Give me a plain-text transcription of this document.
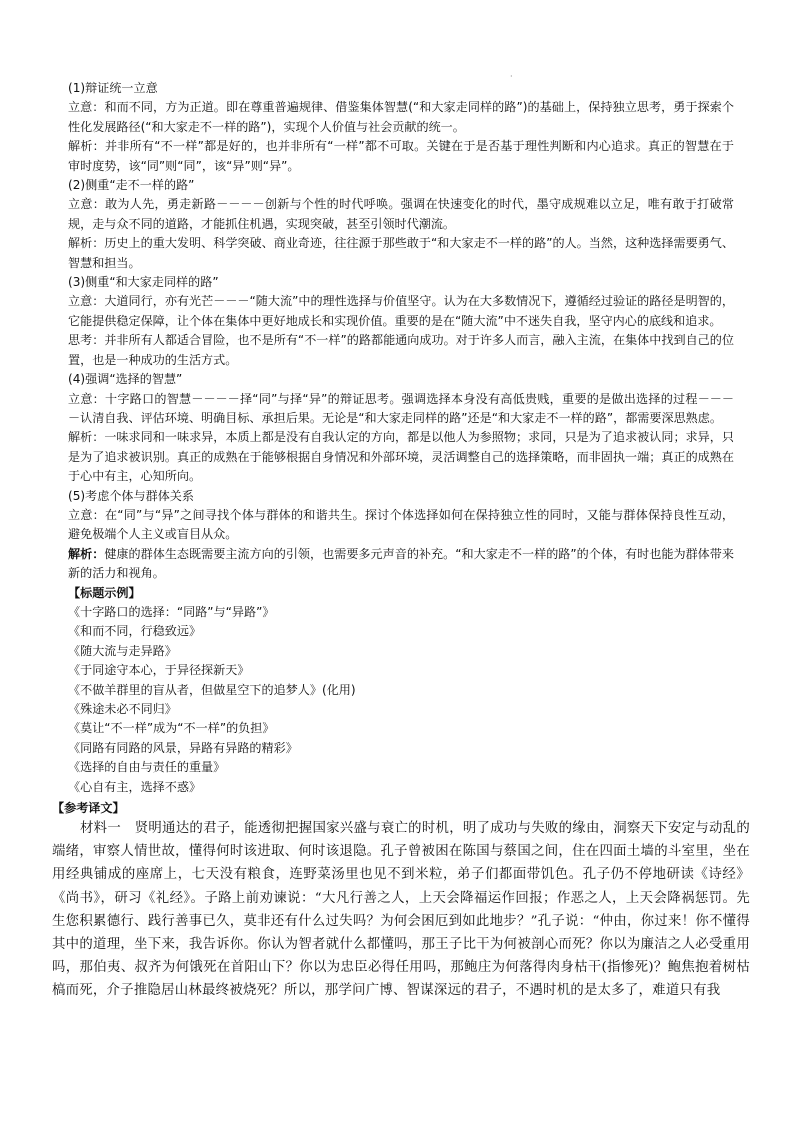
·

(1)辩证统一立意

立意：和而不同，方为正道。即在尊重普遍规律、借鉴集体智慧(“和大家走同样的路”)的基础上，保持独立思考，勇于探索个性化发展路径(“和大家走不一样的路”)，实现个人价值与社会贡献的统一。

解析：并非所有“不一样”都是好的，也并非所有“一样”都不可取。关键在于是否基于理性判断和内心追求。真正的智慧在于审时度势，该“同”则“同”，该“异”则“异”。

(2)侧重“走不一样的路”

立意：敢为人先，勇走新路－－－－创新与个性的时代呼唤。强调在快速变化的时代，墨守成规难以立足，唯有敢于打破常规，走与众不同的道路，才能抓住机遇，实现突破，甚至引领时代潮流。

解析：历史上的重大发明、科学突破、商业奇迹，往往源于那些敢于“和大家走不一样的路”的人。当然，这种选择需要勇气、智慧和担当。

(3)侧重“和大家走同样的路”

立意：大道同行，亦有光芒－－－“随大流”中的理性选择与价值坚守。认为在大多数情况下，遵循经过验证的路径是明智的，它能提供稳定保障，让个体在集体中更好地成长和实现价值。重要的是在“随大流”中不迷失自我，坚守内心的底线和追求。

思考：并非所有人都适合冒险，也不是所有“不一样”的路都能通向成功。对于许多人而言，融入主流，在集体中找到自己的位置，也是一种成功的生活方式。

(4)强调“选择的智慧”

立意：十字路口的智慧－－－－择“同”与择“异”的辩证思考。强调选择本身没有高低贵贱，重要的是做出选择的过程－－－－认清自我、评估环境、明确目标、承担后果。无论是“和大家走同样的路”还是“和大家走不一样的路”，都需要深思熟虑。

解析：一味求同和一味求异，本质上都是没有自我认定的方向，都是以他人为参照物；求同，只是为了追求被认同；求异，只是为了追求被识别。真正的成熟在于能够根据自身情况和外部环境，灵活调整自己的选择策略，而非固执一端；真正的成熟在于心中有主，心知所向。

(5)考虑个体与群体关系

立意：在“同”与“异”之间寻找个体与群体的和谐共生。探讨个体选择如何在保持独立性的同时，又能与群体保持良性互动，避免极端个人主义或盲目从众。

解析：健康的群体生态既需要主流方向的引领，也需要多元声音的补充。“和大家走不一样的路”的个体，有时也能为群体带来新的活力和视角。

【标题示例】

《十字路口的选择：“同路”与“异路”》

《和而不同，行稳致远》

《随大流与走异路》

《于同途守本心，于异径探新天》

《不做羊群里的盲从者，但做星空下的追梦人》(化用)

《殊途未必不同归》

《莫让“不一样”成为“不一样”的负担》

《同路有同路的风景，异路有异路的精彩》

《选择的自由与责任的重量》

《心自有主，选择不惑》

【参考译文】

材料一　贤明通达的君子，能透彻把握国家兴盛与衰亡的时机，明了成功与失败的缘由，洞察天下安定与动乱的端绪，审察人情世故，懂得何时该进取、何时该退隐。孔子曾被困在陈国与蔡国之间，住在四面土墙的斗室里，坐在用经典铺成的座席上，七天没有粮食，连野菜汤里也见不到米粒，弟子们都面带饥色。孔子仍不停地研读《诗经》《尚书》，研习《礼经》。子路上前劝谏说：“大凡行善之人，上天会降福运作回报；作恶之人，上天会降祸惩罚。先生您积累德行、践行善事已久，莫非还有什么过失吗？为何会困厄到如此地步？”孔子说：“仲由，你过来！你不懂得其中的道理，坐下来，我告诉你。你认为智者就什么都懂吗，那王子比干为何被剖心而死？你以为廉洁之人必受重用吗，那伯夷、叔齐为何饿死在首阳山下？你以为忠臣必得任用吗，那鲍庄为何落得肉身枯干(指惨死)？鲍焦抱着树枯槁而死，介子推隐居山林最终被烧死？所以，那学问广博、智谋深远的君子，不遇时机的是太多了，难道只有我
